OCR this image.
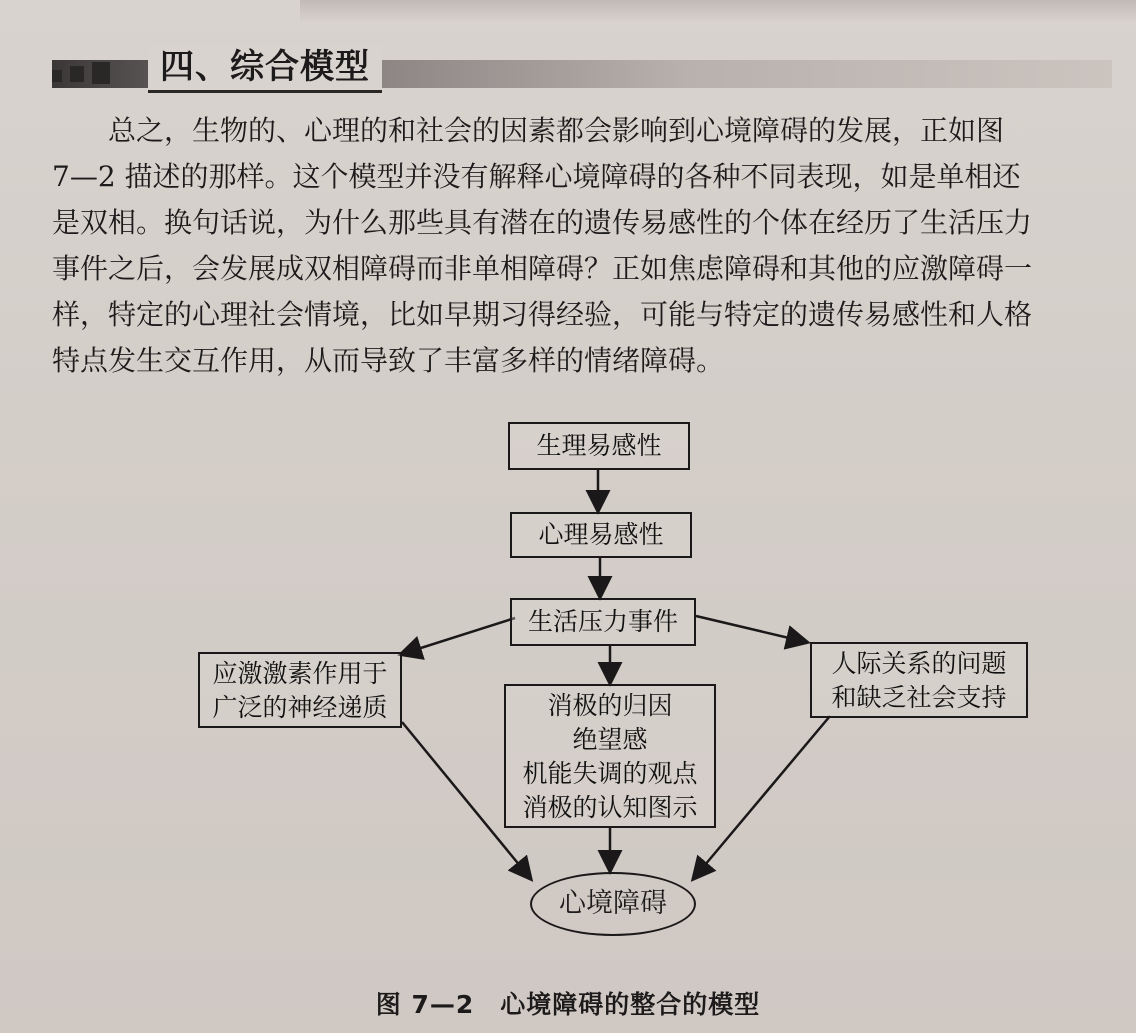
四、综合模型

总之，生物的、心理的和社会的因素都会影响到心境障碍的发展，正如图

7—2 描述的那样。这个模型并没有解释心境障碍的各种不同表现，如是单相还
是双相。换句话说，为什么那些具有潜在的遗传易感性的个体在经历了生活压力
事件之后，会发展成双相障碍而非单相障碍？正如焦虑障碍和其他的应激障碍一
样，特定的心理社会情境，比如早期习得经验，可能与特定的遗传易感性和人格
特点发生交互作用，从而导致了丰富多样的情绪障碍。
生理易感性
心理易感性
生活压力事件
应激激素作用于
广泛的神经递质	消极的归因
绝望感
机能失调的观点
消极的认知图示
人际关系的问题
和缺乏社会支持
心境障碍
图 7—2 心境障碍的整合的模型
